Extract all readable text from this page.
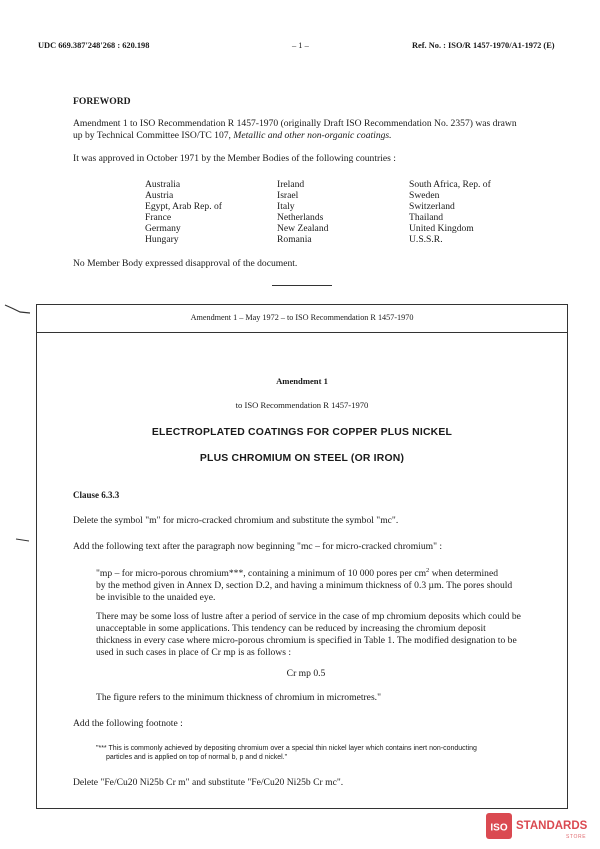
UDC 669.387'248'268 : 620.198	– 1 –	Ref. No. : ISO/R 1457-1970/A1-1972 (E)
FOREWORD
Amendment 1 to ISO Recommendation R 1457-1970 (originally Draft ISO Recommendation No. 2357) was drawn
up by Technical Committee ISO/TC 107, Metallic and other non-organic coatings.
It was approved in October 1971 by the Member Bodies of the following countries :
Australia
Austria
Egypt, Arab Rep. of
France
Germany
Hungary
Ireland
Israel
Italy
Netherlands
New Zealand
Romania
South Africa, Rep. of
Sweden
Switzerland
Thailand
United Kingdom
U.S.S.R.
No Member Body expressed disapproval of the document.
Amendment 1 – May 1972 – to ISO Recommendation R 1457-1970
Amendment 1
to ISO Recommendation R 1457-1970
ELECTROPLATED COATINGS FOR COPPER PLUS NICKEL
PLUS CHROMIUM ON STEEL (OR IRON)
Clause 6.3.3
Delete the symbol "m" for micro-cracked chromium and substitute the symbol "mc".
Add the following text after the paragraph now beginning "mc – for micro-cracked chromium" :
"mp – for micro-porous chromium***, containing a minimum of 10 000 pores per $cm^2$ when determined
by the method given in Annex D, section D.2, and having a minimum thickness of 0.3 µm. The pores should
be invisible to the unaided eye.
There may be some loss of lustre after a period of service in the case of mp chromium deposits which could be
unacceptable in some applications. This tendency can be reduced by increasing the chromium deposit
thickness in every case where micro-porous chromium is specified in Table 1. The modified designation to be
used in such cases in place of Cr mp is as follows :
Cr mp 0.5
The figure refers to the minimum thickness of chromium in micrometres."
Add the following footnote :
"*** This is commonly achieved by depositing chromium over a special thin nickel layer which contains inert non-conducting
particles and is applied on top of normal b, p and d nickel."
Delete "Fe/Cu20 Ni25b Cr m" and substitute "Fe/Cu20 Ni25b Cr mc".
ISO STANDARDS
STORE
